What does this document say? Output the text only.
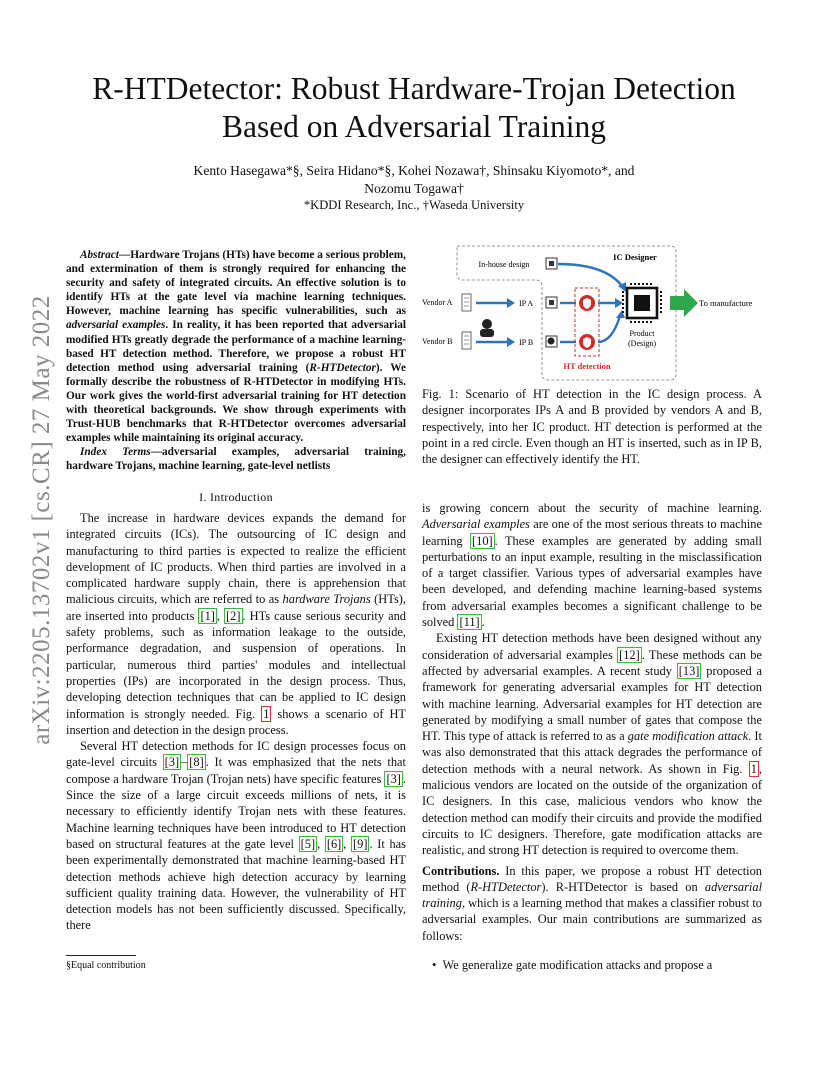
arXiv:2205.13702v1 [cs.CR] 27 May 2022
R-HTDetector: Robust Hardware-Trojan Detection Based on Adversarial Training
Kento Hasegawa*§, Seira Hidano*§, Kohei Nozawa†, Shinsaku Kiyomoto*, and
Nozomu Togawa†
*KDDI Research, Inc., †Waseda University

Abstract—Hardware Trojans (HTs) have become a serious problem, and extermination of them is strongly required for enhancing the security and safety of integrated circuits. An effective solution is to identify HTs at the gate level via machine learning techniques. However, machine learning has specific vulnerabilities, such as adversarial examples. In reality, it has been reported that adversarial modified HTs greatly degrade the performance of a machine learning-based HT detection method. Therefore, we propose a robust HT detection method using adversarial training (R-HTDetector). We formally describe the robustness of R-HTDetector in modifying HTs. Our work gives the world-first adversarial training for HT detection with theoretical backgrounds. We show through experiments with Trust-HUB benchmarks that R-HTDetector overcomes adversarial examples while maintaining its original accuracy.

Index Terms—adversarial examples, adversarial training, hardware Trojans, machine learning, gate-level netlists

I. Introduction

The increase in hardware devices expands the demand for integrated circuits (ICs). The outsourcing of IC design and manufacturing to third parties is expected to realize the efficient development of IC products. When third parties are involved in a complicated hardware supply chain, there is apprehension that malicious circuits, which are referred to as hardware Trojans (HTs), are inserted into products [1] , [2] . HTs cause serious security and safety problems, such as information leakage to the outside, performance degradation, and suspension of operations. In particular, numerous third parties' modules and intellectual properties (IPs) are incorporated in the design process. Thus, developing detection techniques that can be applied to IC design information is strongly needed. Fig. 1 shows a scenario of HT insertion and detection in the design process.

Several HT detection methods for IC design processes focus on gate-level circuits [3] – [8] . It was emphasized that the nets that compose a hardware Trojan (Trojan nets) have specific features [3] . Since the size of a large circuit exceeds millions of nets, it is necessary to efficiently identify Trojan nets with these features. Machine learning techniques have been introduced to HT detection based on structural features at the gate level [5] , [6] , [9] . It has been experimentally demonstrated that machine learning-based HT detection methods achieve high detection accuracy by learning sufficient quality training data. However, the vulnerability of HT detection models has not been sufficiently discussed. Specifically, there

§Equal contribution
IC Designer
In-house design
Vendor A	IP A
Vendor B	IP B
HT detection
Product
(Design)
To manufacture
Fig. 1: Scenario of HT detection in the IC design process. A designer incorporates IPs A and B provided by vendors A and B, respectively, into her IC product. HT detection is performed at the point in a red circle. Even though an HT is inserted, such as in IP B, the designer can effectively identify the HT.

is growing concern about the security of machine learning. Adversarial examples are one of the most serious threats to machine learning [10] . These examples are generated by adding small perturbations to an input example, resulting in the misclassification of a target classifier. Various types of adversarial examples have been developed, and defending machine learning-based systems from adversarial examples becomes a significant challenge to be solved [11] .

Existing HT detection methods have been designed without any consideration of adversarial examples [12] . These methods can be affected by adversarial examples. A recent study [13] proposed a framework for generating adversarial examples for HT detection with machine learning. Adversarial examples for HT detection are generated by modifying a small number of gates that compose the HT. This type of attack is referred to as a gate modification attack. It was also demonstrated that this attack degrades the performance of detection methods with a neural network. As shown in Fig. 1 , malicious vendors are located on the outside of the organization of IC designers. In this case, malicious vendors who know the detection method can modify their circuits and provide the modified circuits to IC designers. Therefore, gate modification attacks are realistic, and strong HT detection is required to overcome them.

Contributions. In this paper, we propose a robust HT detection method (R-HTDetector). R-HTDetector is based on adversarial training, which is a learning method that makes a classifier robust to adversarial examples. Our main contributions are summarized as follows:

•  We generalize gate modification attacks and propose a
